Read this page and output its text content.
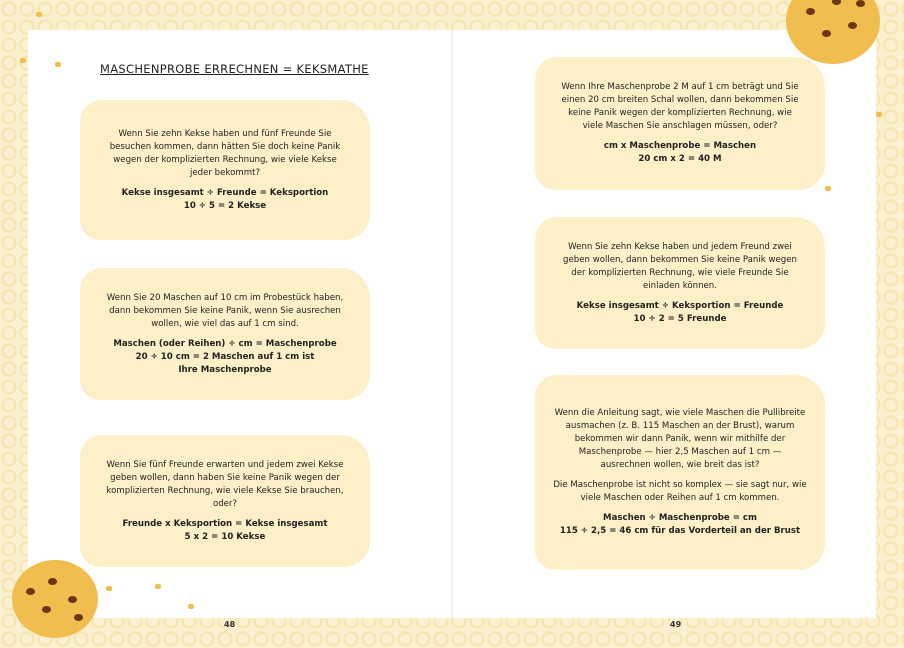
MASCHENPROBE ERRECHNEN = KEKSMATHE

Wenn Sie zehn Kekse haben und fünf Freunde Sie besuchen kommen, dann hätten Sie doch keine Panik wegen der komplizierten Rechnung, wie viele Kekse jeder bekommt?

Kekse insgesamt ÷ Freunde = Keksportion
10 ÷ 5 = 2 Kekse

Wenn Sie 20 Maschen auf 10 cm im Probestück haben, dann bekommen Sie keine Panik, wenn Sie ausrechen wollen, wie viel das auf 1 cm sind.

Maschen (oder Reihen) ÷ cm = Maschenprobe
20 ÷ 10 cm = 2 Maschen auf 1 cm ist Ihre Maschenprobe

Wenn Sie fünf Freunde erwarten und jedem zwei Kekse geben wollen, dann haben Sie keine Panik wegen der komplizierten Rechnung, wie viele Kekse Sie brauchen, oder?

Freunde x Keksportion = Kekse insgesamt
5 x 2 = 10 Kekse

Wenn Ihre Maschenprobe 2 M auf 1 cm beträgt und Sie einen 20 cm breiten Schal wollen, dann bekommen Sie keine Panik wegen der komplizierten Rechnung, wie viele Maschen Sie anschlagen müssen, oder?

cm x Maschenprobe = Maschen
20 cm x 2 = 40 M

Wenn Sie zehn Kekse haben und jedem Freund zwei geben wollen, dann bekommen Sie keine Panik wegen der komplizierten Rechnung, wie viele Freunde Sie einladen können.

Kekse insgesamt ÷ Keksportion = Freunde
10 ÷ 2 = 5 Freunde

Wenn die Anleitung sagt, wie viele Maschen die Pullibreite ausmachen (z. B. 115 Maschen an der Brust), warum bekommen wir dann Panik, wenn wir mithilfe der Maschenprobe — hier 2,5 Maschen auf 1 cm — ausrechnen wollen, wie breit das ist?

Die Maschenprobe ist nicht so komplex — sie sagt nur, wie viele Maschen oder Reihen auf 1 cm kommen.

Maschen ÷ Maschenprobe = cm
115 ÷ 2,5 = 46 cm für das Vorderteil an der Brust

48	49
